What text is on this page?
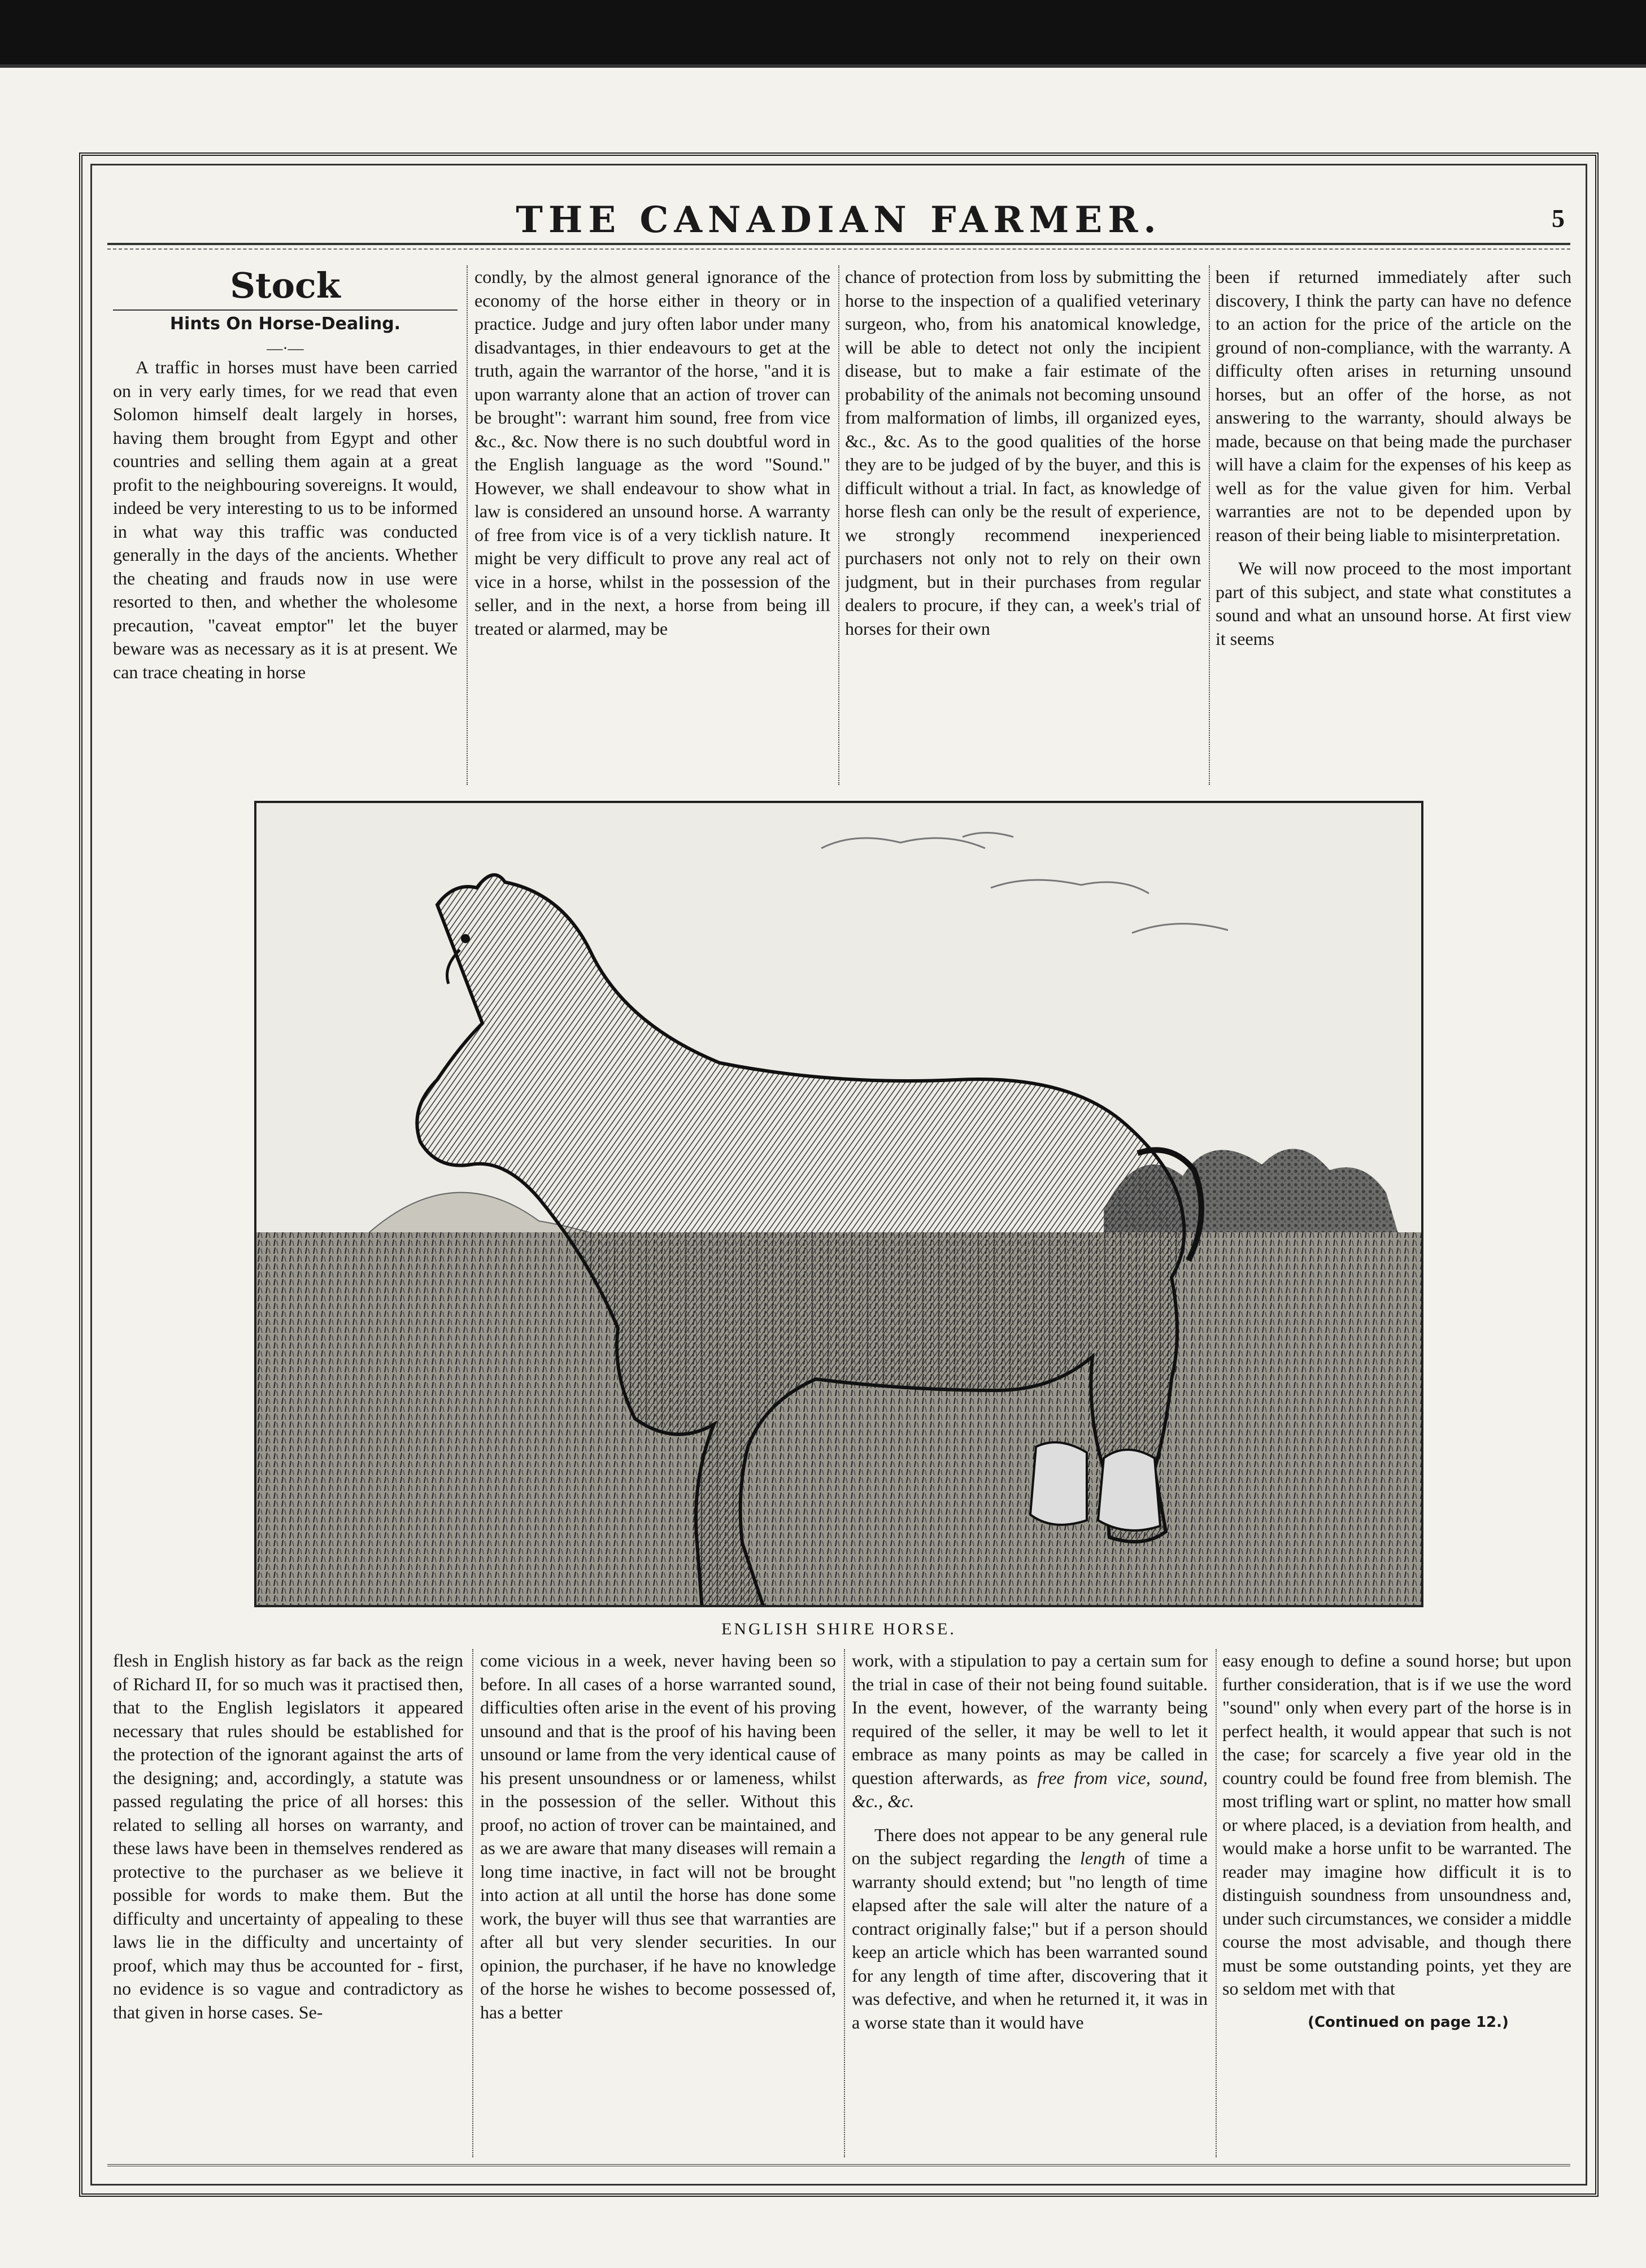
THE CANADIAN FARMER.	5
Stock
Hints On Horse-Dealing.
—·—

A traffic in horses must have been carried on in very early times, for we read that even Solomon himself dealt largely in horses, having them brought from Egypt and other countries and selling them again at a great profit to the neighbouring sovereigns. It would, indeed be very interesting to us to be informed in what way this traffic was conducted generally in the days of the ancients. Whether the cheating and frauds now in use were resorted to then, and whether the wholesome precaution, "caveat emptor" let the buyer beware was as necessary as it is at present. We can trace cheating in horse

condly, by the almost general ignorance of the economy of the horse either in theory or in practice. Judge and jury often labor under many disadvantages, in thier endeavours to get at the truth, again the warrantor of the horse, "and it is upon warranty alone that an action of trover can be brought": warrant him sound, free from vice &c., &c. Now there is no such doubtful word in the English language as the word "Sound." However, we shall endeavour to show what in law is considered an unsound horse. A warranty of free from vice is of a very ticklish nature. It might be very difficult to prove any real act of vice in a horse, whilst in the possession of the seller, and in the next, a horse from being ill treated or alarmed, may be

chance of protection from loss by submitting the horse to the inspection of a qualified veterinary surgeon, who, from his anatomical knowledge, will be able to detect not only the incipient disease, but to make a fair estimate of the probability of the animals not becoming unsound from malformation of limbs, ill organized eyes, &c., &c. As to the good qualities of the horse they are to be judged of by the buyer, and this is difficult without a trial. In fact, as knowledge of horse flesh can only be the result of experience, we strongly recommend inexperienced purchasers not only not to rely on their own judgment, but in their purchases from regular dealers to procure, if they can, a week's trial of horses for their own

been if returned immediately after such discovery, I think the party can have no defence to an action for the price of the article on the ground of non-compliance, with the warranty. A difficulty often arises in returning unsound horses, but an offer of the horse, as not answering to the warranty, should always be made, because on that being made the purchaser will have a claim for the expenses of his keep as well as for the value given for him. Verbal warranties are not to be depended upon by reason of their being liable to misinterpretation.

We will now proceed to the most important part of this subject, and state what constitutes a sound and what an unsound horse. At first view it seems

ENGLISH SHIRE HORSE.

flesh in English history as far back as the reign of Richard II, for so much was it practised then, that to the English legislators it appeared necessary that rules should be established for the protection of the ignorant against the arts of the designing; and, accordingly, a statute was passed regulating the price of all horses: this related to selling all horses on warranty, and these laws have been in themselves rendered as protective to the purchaser as we believe it possible for words to make them. But the difficulty and uncertainty of appealing to these laws lie in the difficulty and uncertainty of proof, which may thus be accounted for - first, no evidence is so vague and contradictory as that given in horse cases. Se-

come vicious in a week, never having been so before. In all cases of a horse warranted sound, difficulties often arise in the event of his proving unsound and that is the proof of his having been unsound or lame from the very identical cause of his present unsoundness or or lameness, whilst in the possession of the seller. Without this proof, no action of trover can be maintained, and as we are aware that many diseases will remain a long time inactive, in fact will not be brought into action at all until the horse has done some work, the buyer will thus see that warranties are after all but very slender securities. In our opinion, the purchaser, if he have no knowledge of the horse he wishes to become possessed of, has a better

work, with a stipulation to pay a certain sum for the trial in case of their not being found suitable. In the event, however, of the warranty being required of the seller, it may be well to let it embrace as many points as may be called in question afterwards, as free from vice, sound, &c., &c.

There does not appear to be any general rule on the subject regarding the length of time a warranty should extend; but "no length of time elapsed after the sale will alter the nature of a contract originally false;" but if a person should keep an article which has been warranted sound for any length of time after, discovering that it was defective, and when he returned it, it was in a worse state than it would have

easy enough to define a sound horse; but upon further consideration, that is if we use the word "sound" only when every part of the horse is in perfect health, it would appear that such is not the case; for scarcely a five year old in the country could be found free from blemish. The most trifling wart or splint, no matter how small or where placed, is a deviation from health, and would make a horse unfit to be warranted. The reader may imagine how difficult it is to distinguish soundness from unsoundness and, under such circumstances, we consider a middle course the most advisable, and though there must be some outstanding points, yet they are so seldom met with that

(Continued on page 12.)
